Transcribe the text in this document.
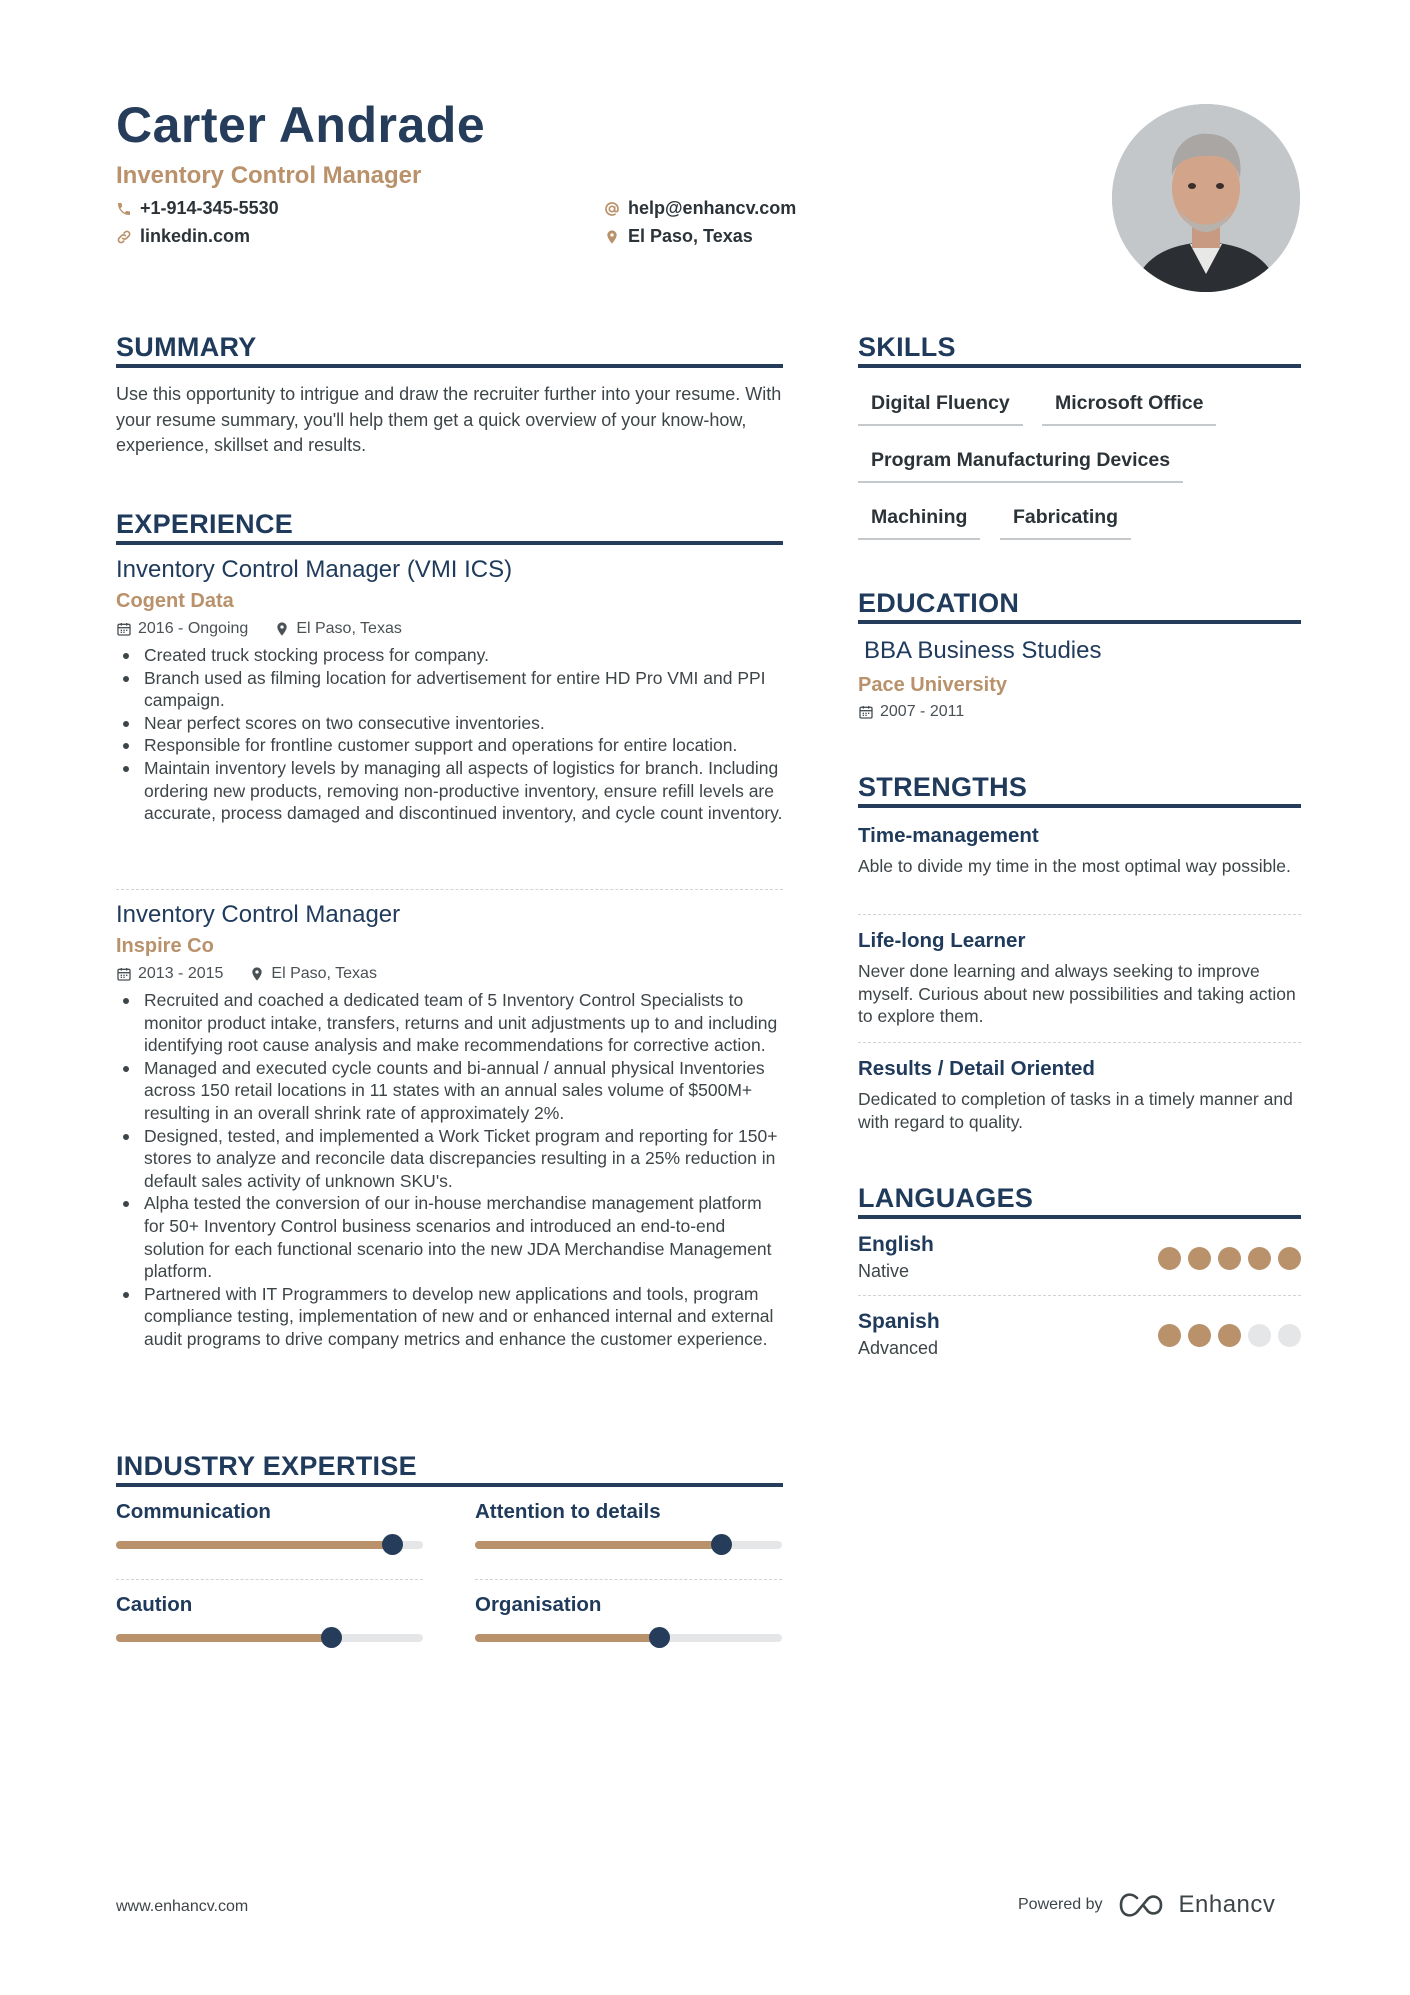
Carter Andrade
Inventory Control Manager
+1-914-345-5530	help@enhancv.com
linkedin.com	El Paso, Texas
SUMMARY
Use this opportunity to intrigue and draw the recruiter further into your resume. With your resume summary, you'll help them get a quick overview of your know-how, experience, skillset and results.
EXPERIENCE
Inventory Control Manager (VMI ICS)
Cogent Data
2016 - Ongoing	El Paso, Texas
Created truck stocking process for company.
Branch used as filming location for advertisement for entire HD Pro VMI and PPI campaign.
Near perfect scores on two consecutive inventories.
Responsible for frontline customer support and operations for entire location.
Maintain inventory levels by managing all aspects of logistics for branch. Including ordering new products, removing non-productive inventory, ensure refill levels are accurate, process damaged and discontinued inventory, and cycle count inventory.
Inventory Control Manager
Inspire Co
2013 - 2015	El Paso, Texas
Recruited and coached a dedicated team of 5 Inventory Control Specialists to monitor product intake, transfers, returns and unit adjustments up to and including identifying root cause analysis and make recommendations for corrective action.
Managed and executed cycle counts and bi-annual / annual physical Inventories across 150 retail locations in 11 states with an annual sales volume of $500M+ resulting in an overall shrink rate of approximately 2%.
Designed, tested, and implemented a Work Ticket program and reporting for 150+ stores to analyze and reconcile data discrepancies resulting in a 25% reduction in default sales activity of unknown SKU's.
Alpha tested the conversion of our in-house merchandise management platform for 50+ Inventory Control business scenarios and introduced an end-to-end solution for each functional scenario into the new JDA Merchandise Management platform.
Partnered with IT Programmers to develop new applications and tools, program compliance testing, implementation of new and or enhanced internal and external audit programs to drive company metrics and enhance the customer experience.
INDUSTRY EXPERTISE
Communication	Attention to details
Caution	Organisation
SKILLS
Digital Fluency	Microsoft Office
Program Manufacturing Devices
Machining	Fabricating
EDUCATION
BBA Business Studies
Pace University
2007 - 2011
STRENGTHS
Time-management
Able to divide my time in the most optimal way possible.
Life-long Learner
Never done learning and always seeking to improve myself. Curious about new possibilities and taking action to explore them.
Results / Detail Oriented
Dedicated to completion of tasks in a timely manner and with regard to quality.
LANGUAGES
English
Native
Spanish
Advanced
www.enhancv.com	Powered by	Enhancv
